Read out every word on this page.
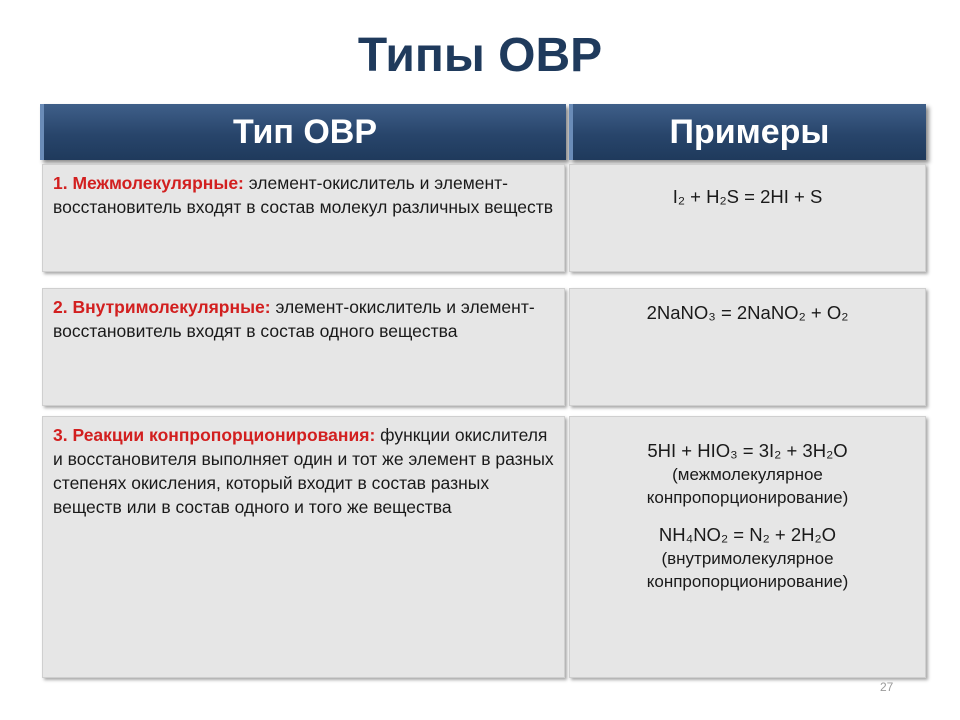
Типы ОВР
Тип ОВР	Примеры
1. Межмолекулярные: элемент-окислитель и элемент-восстановитель входят в состав молекул различных веществ	I₂ + H₂S = 2HI + S
2. Внутримолекулярные: элемент-окислитель и элемент-восстановитель входят в состав одного вещества
2NaNO₃ = 2NaNO₂ + O₂
3. Реакции конпропорционирования: функции окислителя и восстановителя выполняет один и тот же элемент в разных степенях окисления, который входит в состав разных веществ или в состав одного и того же вещества
5HI + HIO₃ = 3I₂ + 3H₂O
(межмолекулярное конпропорционирование)
NH₄NO₂ = N₂ + 2H₂O
(внутримолекулярное конпропорционирование)
27
